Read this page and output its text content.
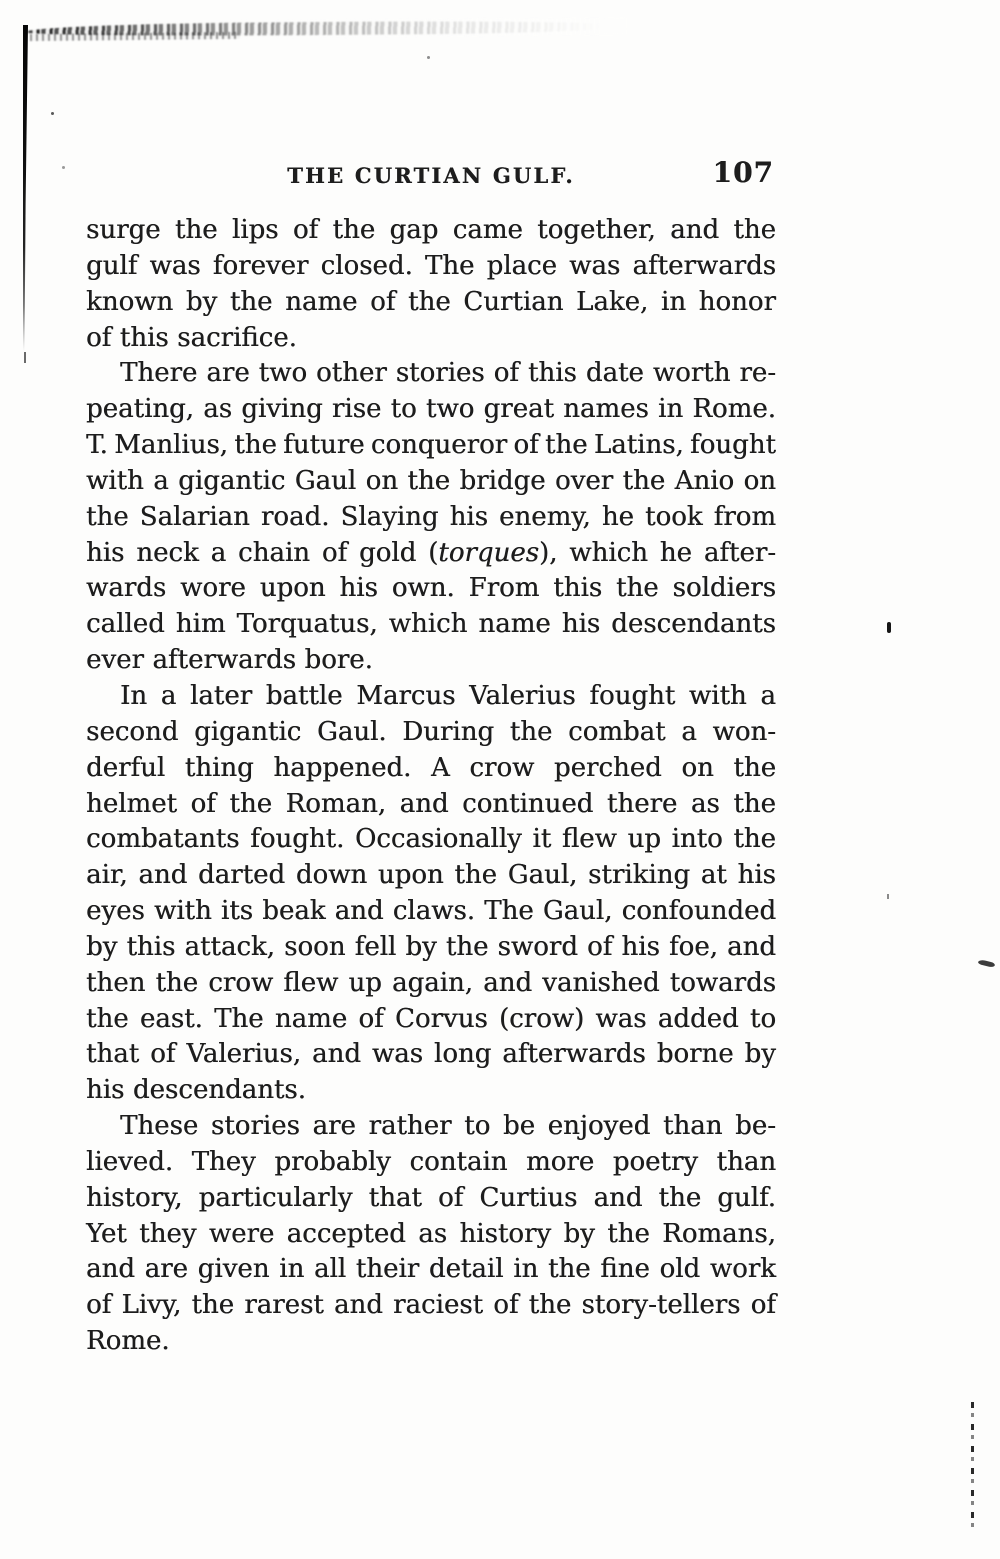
THE CURTIAN GULF.	107
surge the lips of the gap came together, and the
gulf was forever closed. The place was afterwards
known by the name of the Curtian Lake, in honor
of this sacrifice.
There are two other stories of this date worth re-
peating, as giving rise to two great names in Rome.
T. Manlius, the future conqueror of the Latins, fought
with a gigantic Gaul on the bridge over the Anio on
the Salarian road. Slaying his enemy, he took from
his neck a chain of gold (torques), which he after-
wards wore upon his own. From this the soldiers
called him Torquatus, which name his descendants
ever afterwards bore.
In a later battle Marcus Valerius fought with a
second gigantic Gaul. During the combat a won-
derful thing happened. A crow perched on the
helmet of the Roman, and continued there as the
combatants fought. Occasionally it flew up into the
air, and darted down upon the Gaul, striking at his
eyes with its beak and claws. The Gaul, confounded
by this attack, soon fell by the sword of his foe, and
then the crow flew up again, and vanished towards
the east. The name of Corvus (crow) was added to
that of Valerius, and was long afterwards borne by
his descendants.
These stories are rather to be enjoyed than be-
lieved. They probably contain more poetry than
history, particularly that of Curtius and the gulf.
Yet they were accepted as history by the Romans,
and are given in all their detail in the fine old work
of Livy, the rarest and raciest of the story-tellers of
Rome.
